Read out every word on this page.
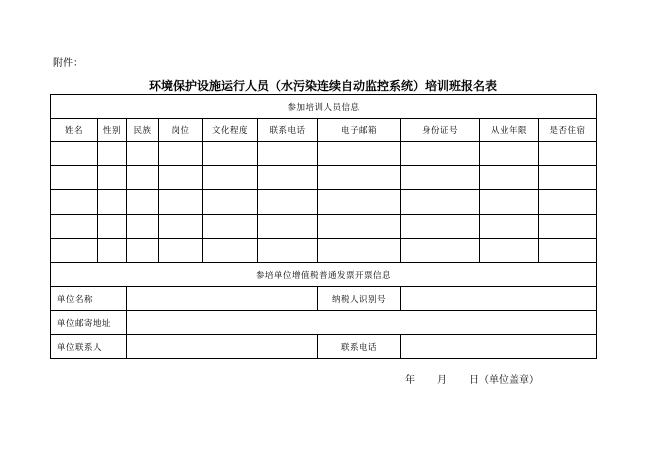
附件：
环境保护设施运行人员（水污染连续自动监控系统）培训班报名表
参加培训人员信息									
姓名	性别	民族	岗位	文化程度	联系电话	电子邮箱	身份证号	从业年限	是否住宿

参培单位增值税普通发票开票信息									
单位名称						纳税人识别号			
单位邮寄地址									
单位联系人						联系电话			
年 月 日（单位盖章）
